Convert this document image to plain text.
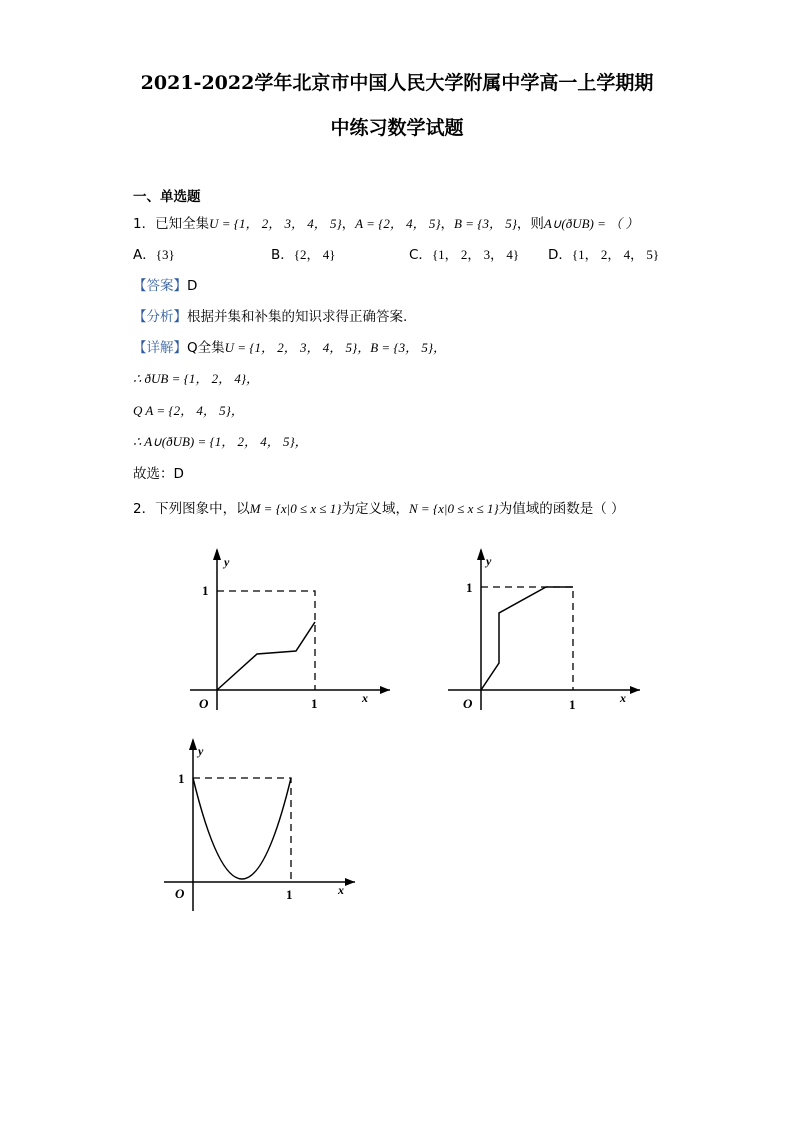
2021-2022学年北京市中国人民大学附属中学高一上学期期
中练习数学试题
一、单选题
1．已知全集U = {1， 2， 3， 4， 5}，A = {2， 4， 5}，B = {3， 5}，则A∪(ðUB) = （ ）
A．{3}	B．{2， 4}	C．{1， 2， 3， 4} D．{1， 2， 4， 5}
【答案】D
【分析】根据并集和补集的知识求得正确答案.
【详解】Q全集U = {1， 2， 3， 4， 5}，B = {3， 5}，
∴ ðUB = {1， 2， 4}，
Q A = {2， 4， 5}，
∴ A∪(ðUB) = {1， 2， 4， 5}，
故选：D
2．下列图象中，以M = {x|0 ≤ x ≤ 1}为定义域，N = {x|0 ≤ x ≤ 1}为值域的函数是（ ）
y
1
O	1	x
y
1
O	1	x
y
1
O	1	x
